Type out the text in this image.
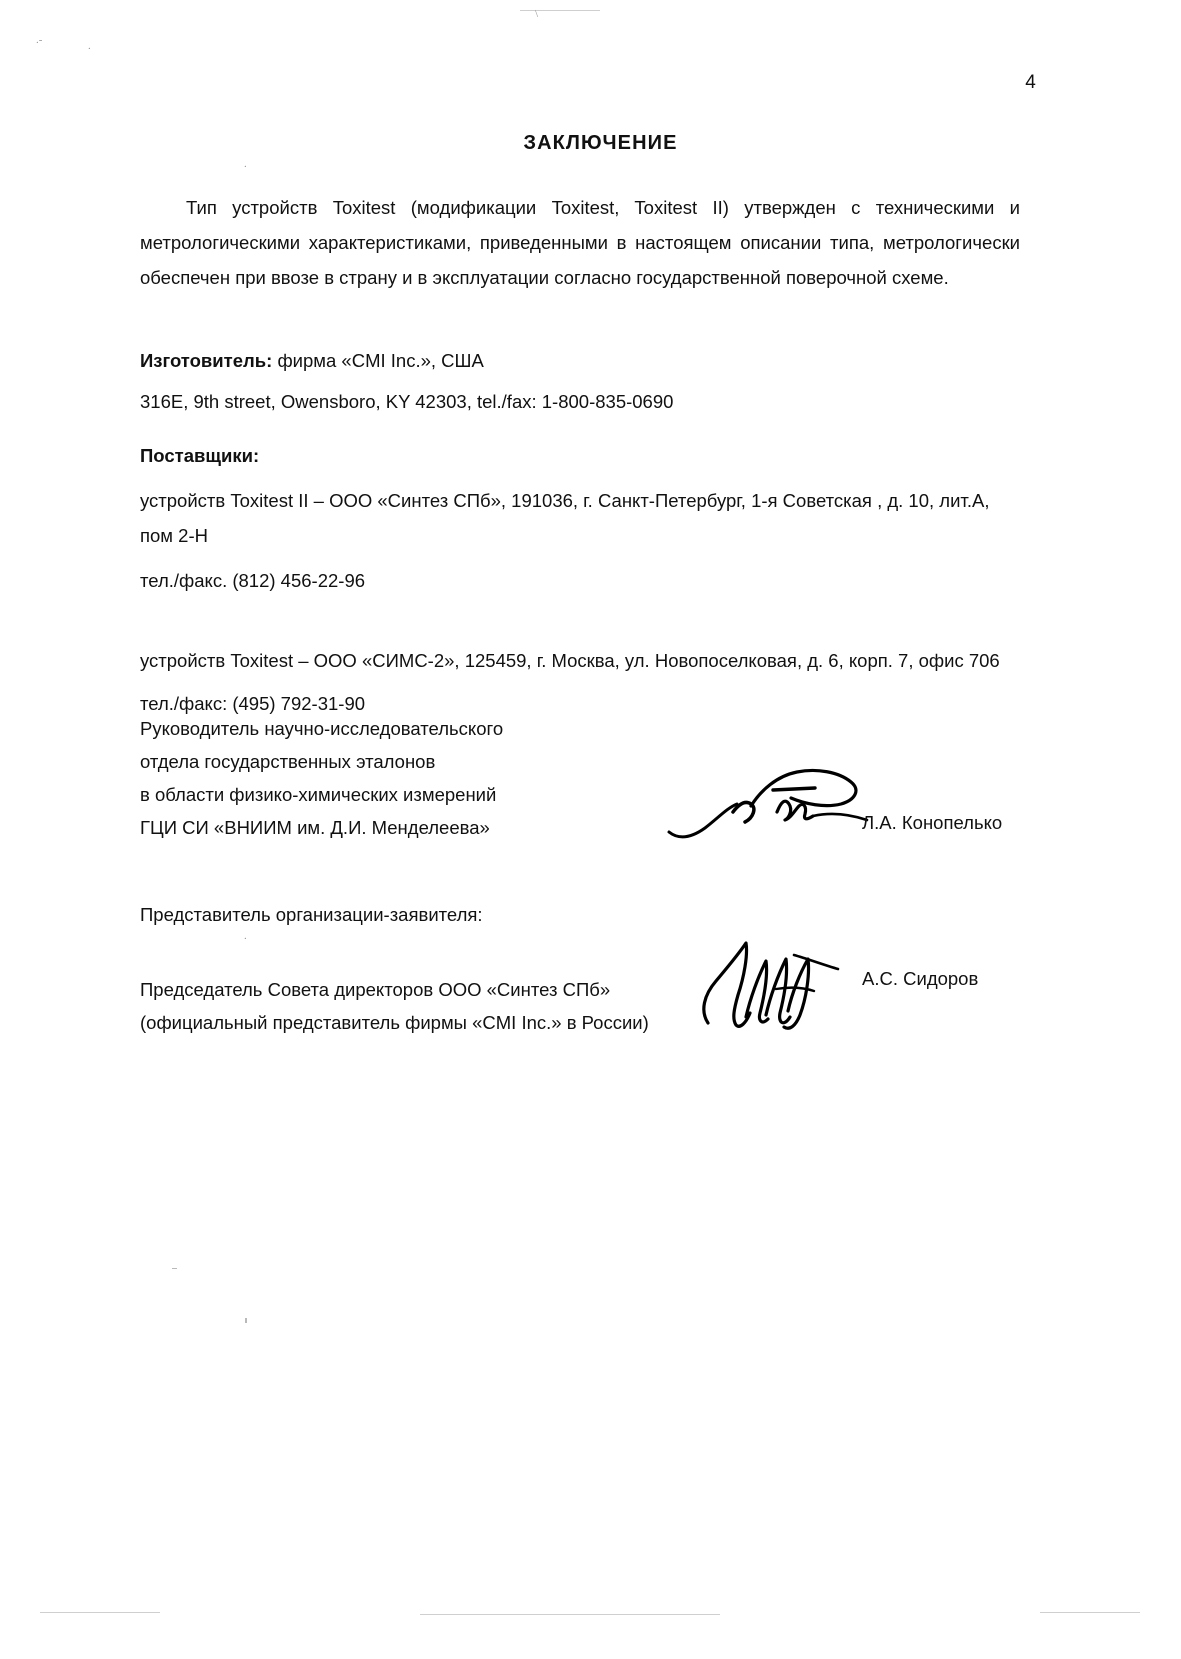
.-	.
\
.
.
4
ЗАКЛЮЧЕНИЕ

Тип устройств Toxitest (модификации Toxitest, Toxitest II) утвержден с техническими и метрологическими характеристиками, приведенными в настоящем описании типа, метрологически обеспечен при ввозе в страну и в эксплуатации согласно государственной поверочной схеме.

Изготовитель: фирма «CMI Inc.», США
316E, 9th street, Owensboro, KY 42303, tel./fax: 1-800-835-0690
Поставщики:
устройств Toxitest II – ООО «Синтез СПб», 191036, г. Санкт-Петербург, 1-я Советская , д. 10, лит.А,
пом 2-Н
тел./факс. (812) 456-22-96
устройств Toxitest – ООО «СИМС-2», 125459, г. Москва, ул. Новопоселковая, д. 6, корп. 7, офис 706
тел./факс: (495) 792-31-90
Руководитель научно-исследовательского
отдела государственных эталонов
в области физико-химических измерений
ГЦИ СИ «ВНИИМ им. Д.И. Менделеева»	Л.А. Конопелько
Представитель организации-заявителя:
Председатель Совета директоров ООО «Синтез СПб»
(официальный представитель фирмы «CMI Inc.» в России)
А.С. Сидоров
